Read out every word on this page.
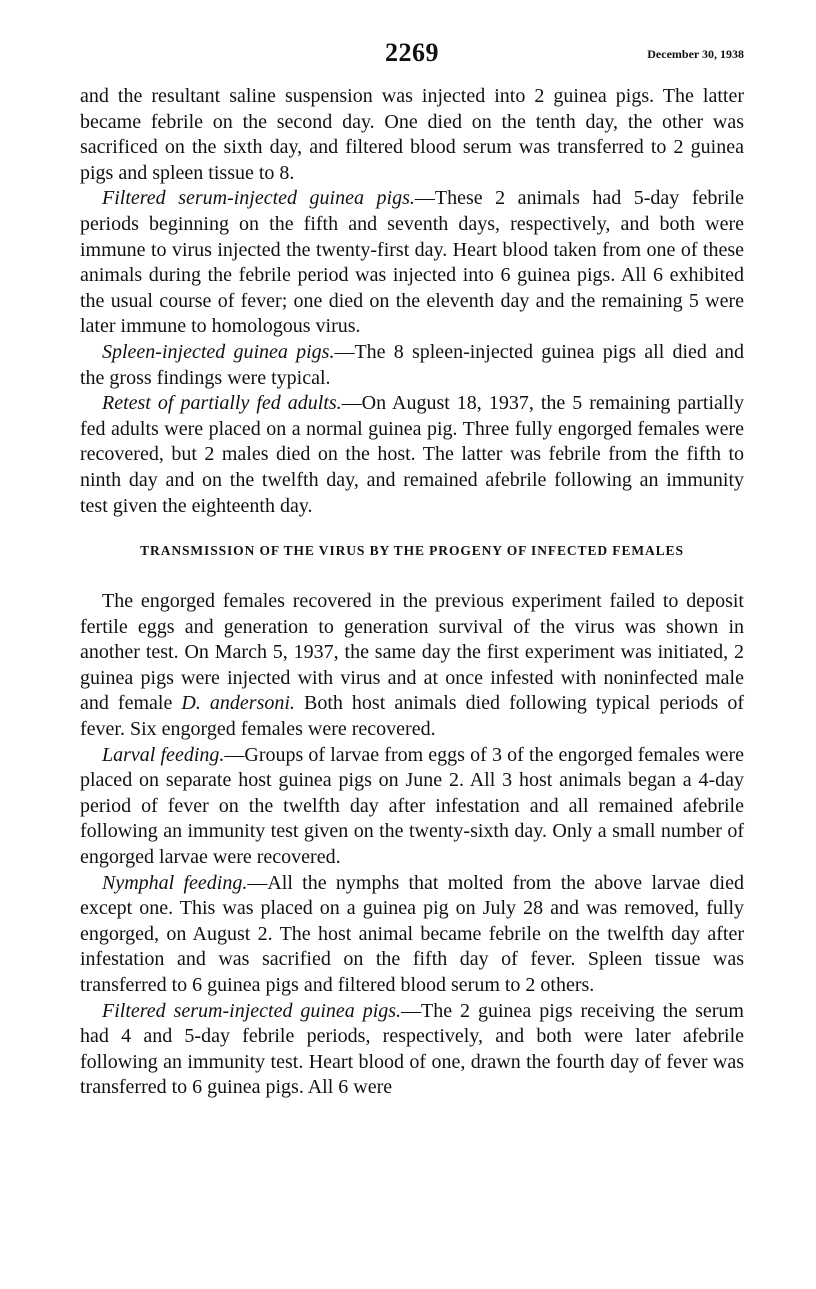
2269	December 30, 1938

and the resultant saline suspension was injected into 2 guinea pigs. The latter became febrile on the second day. One died on the tenth day, the other was sacrificed on the sixth day, and filtered blood serum was transferred to 2 guinea pigs and spleen tissue to 8.

Filtered serum-injected guinea pigs.—These 2 animals had 5-day febrile periods beginning on the fifth and seventh days, respectively, and both were immune to virus injected the twenty-first day. Heart blood taken from one of these animals during the febrile period was injected into 6 guinea pigs. All 6 exhibited the usual course of fever; one died on the eleventh day and the remaining 5 were later immune to homologous virus.

Spleen-injected guinea pigs.—The 8 spleen-injected guinea pigs all died and the gross findings were typical.

Retest of partially fed adults.—On August 18, 1937, the 5 remaining partially fed adults were placed on a normal guinea pig. Three fully engorged females were recovered, but 2 males died on the host. The latter was febrile from the fifth to ninth day and on the twelfth day, and remained afebrile following an immunity test given the eighteenth day.

TRANSMISSION OF THE VIRUS BY THE PROGENY OF INFECTED FEMALES

The engorged females recovered in the previous experiment failed to deposit fertile eggs and generation to generation survival of the virus was shown in another test. On March 5, 1937, the same day the first experiment was initiated, 2 guinea pigs were injected with virus and at once infested with noninfected male and female D. andersoni. Both host animals died following typical periods of fever. Six engorged females were recovered.

Larval feeding.—Groups of larvae from eggs of 3 of the engorged females were placed on separate host guinea pigs on June 2. All 3 host animals began a 4-day period of fever on the twelfth day after infestation and all remained afebrile following an immunity test given on the twenty-sixth day. Only a small number of engorged larvae were recovered.

Nymphal feeding.—All the nymphs that molted from the above larvae died except one. This was placed on a guinea pig on July 28 and was removed, fully engorged, on August 2. The host animal became febrile on the twelfth day after infestation and was sacrified on the fifth day of fever. Spleen tissue was transferred to 6 guinea pigs and filtered blood serum to 2 others.

Filtered serum-injected guinea pigs.—The 2 guinea pigs receiving the serum had 4 and 5-day febrile periods, respectively, and both were later afebrile following an immunity test. Heart blood of one, drawn the fourth day of fever was transferred to 6 guinea pigs. All 6 were
